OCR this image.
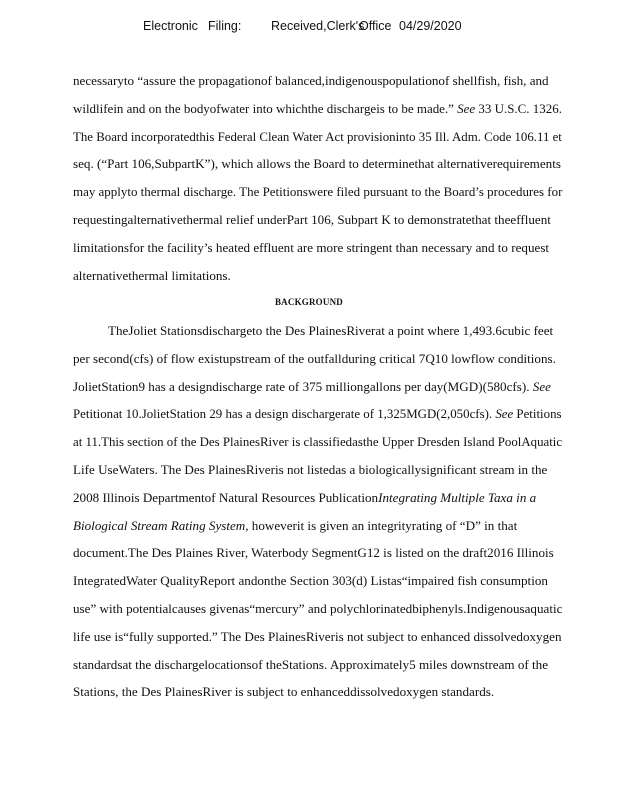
Electronic Filing: Received,Clerk's
Office 04/29/2020
necessaryto “assure the propagationof balanced,indigenouspopulationof shellfish, fish, and
wildlifein and on the bodyofwater into whichthe dischargeis to be made.” See 33 U.S.C. 1326.
The Board incorporatedthis Federal Clean Water Act provisioninto 35 Ill. Adm. Code 106.11 et
seq. (“Part 106,SubpartK”), which allows the Board to determinethat alternativerequirements
may applyto thermal discharge. The Petitionswere filed pursuant to the Board’s procedures for
requestingalternativethermal relief underPart 106, Subpart K to demonstratethat theeffluent
limitationsfor the facility’s heated effluent are more stringent than necessary and to request
alternativethermal limitations.
BACKGROUND
TheJoliet Stationsdischargeto the Des PlainesRiverat a point where 1,493.6cubic feet
per second(cfs) of flow existupstream of the outfallduring critical 7Q10 lowflow conditions.
JolietStation9 has a designdischarge rate of 375 milliongallons per day(MGD)(580cfs). See
Petitionat 10.JolietStation 29 has a design dischargerate of 1,325MGD(2,050cfs). See Petitions
at 11.This section of the Des PlainesRiver is classifiedasthe Upper Dresden Island PoolAquatic
Life UseWaters. The Des PlainesRiveris not listedas a biologicallysignificant stream in the
2008 Illinois Departmentof Natural Resources PublicationIntegrating Multiple Taxa in a
Biological Stream Rating System, howeverit is given an integrityrating of “D” in that
document.The Des Plaines River, Waterbody SegmentG12 is listed on the draft2016 Illinois
IntegratedWater QualityReport andonthe Section 303(d) Listas“impaired fish consumption
use” with potentialcauses givenas“mercury” and polychlorinatedbiphenyls.Indigenousaquatic
life use is“fully supported.” The Des PlainesRiveris not subject to enhanced dissolvedoxygen
standardsat the dischargelocationsof theStations. Approximately5 miles downstream of the
Stations, the Des PlainesRiver is subject to enhanceddissolvedoxygen standards.
